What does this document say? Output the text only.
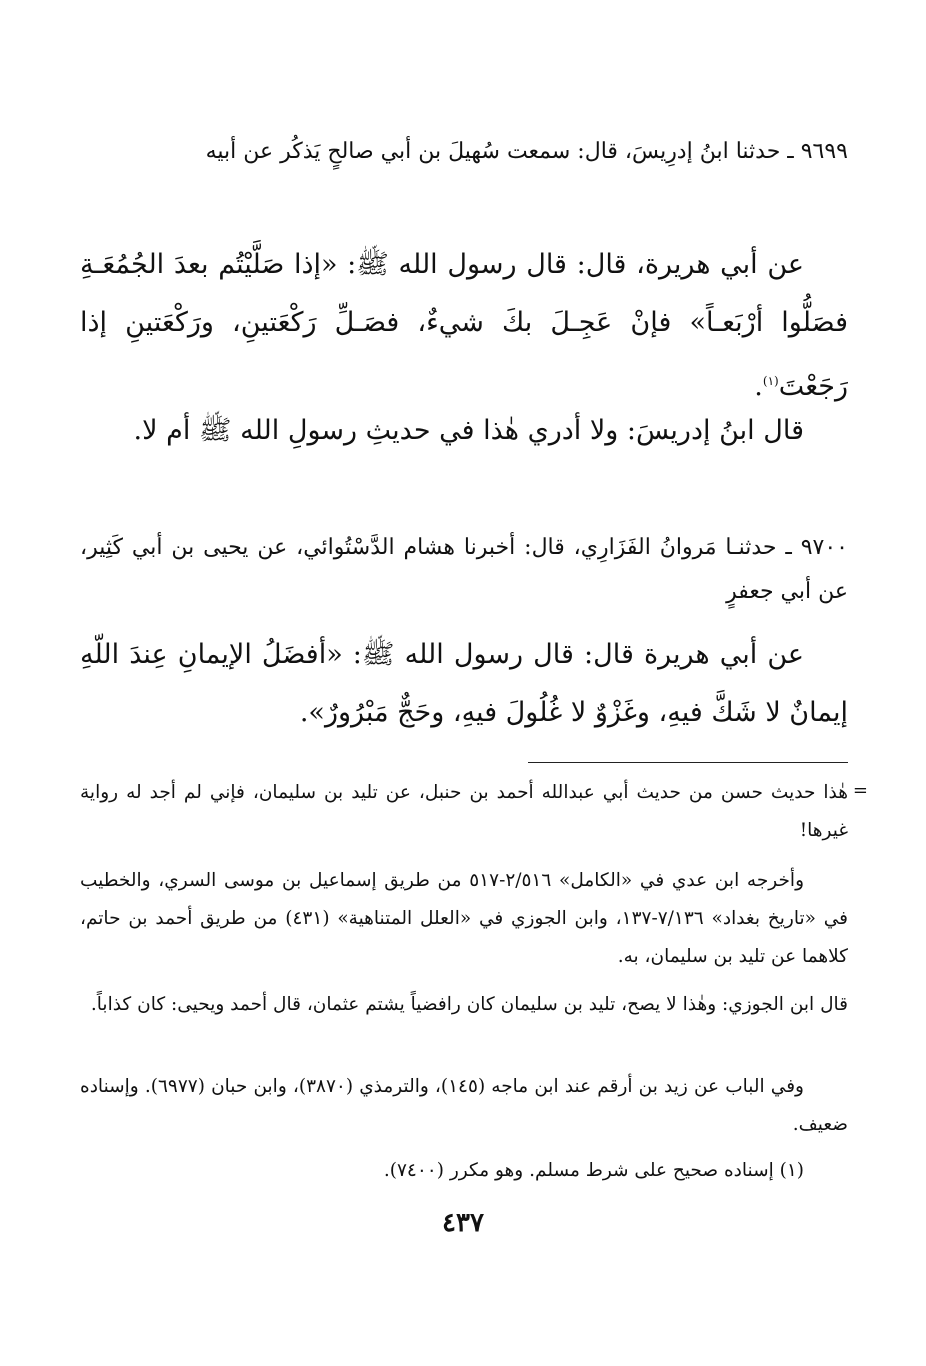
٩٦٩٩ ـ حدثنا ابنُ إدرِيسَ، قال: سمعت سُهيلَ بن أبي صالحٍ يَذكُر عن أبيه
عن أبي هريرة، قال: قال رسول الله ﷺ: «إذا صَلَّيْتُم بعدَ الجُمُعَـةِ فصَلُّوا أرْبَعـاً» فإنْ عَجِـلَ بكَ شيءٌ، فصَـلِّ رَكْعَتينِ، ورَكْعَتينِ إذا رَجَعْتَ$^{(١)}$.
قال ابنُ إدريسَ: ولا أدري هٰذا في حديثِ رسولِ الله ﷺ أم لا.
٩٧٠٠ ـ حدثنـا مَروانُ الفَزَارِي، قال: أخبرنا هشام الدَّسْتُوائي، عن يحيى بن أبي كَثِير، عن أبي جعفرٍ
عن أبي هريرة قال: قال رسول الله ﷺ: «أفضَلُ الإيمانِ عِندَ اللّهِ إيمانٌ لا شَكَّ فيهِ، وغَزْوٌ لا غُلُولَ فيهِ، وحَجٌّ مَبْرُورٌ».
=
هٰذا حديث حسن من حديث أبي عبدالله أحمد بن حنبل، عن تليد بن سليمان، فإني لم أجد له رواية غيرها!
وأخرجه ابن عدي في «الكامل» ٢/٥١٦-٥١٧ من طريق إسماعيل بن موسى السري، والخطيب في «تاريخ بغداد» ٧/١٣٦-١٣٧، وابن الجوزي في «العلل المتناهية» (٤٣١) من طريق أحمد بن حاتم، كلاهما عن تليد بن سليمان، به.
قال ابن الجوزي: وهٰذا لا يصح، تليد بن سليمان كان رافضياً يشتم عثمان، قال أحمد ويحيى: كان كذاباً.
وفي الباب عن زيد بن أرقم عند ابن ماجه (١٤٥)، والترمذي (٣٨٧٠)، وابن حبان (٦٩٧٧). وإسناده ضعيف.
(١) إسناده صحيح على شرط مسلم. وهو مكرر (٧٤٠٠).
٤٣٧
